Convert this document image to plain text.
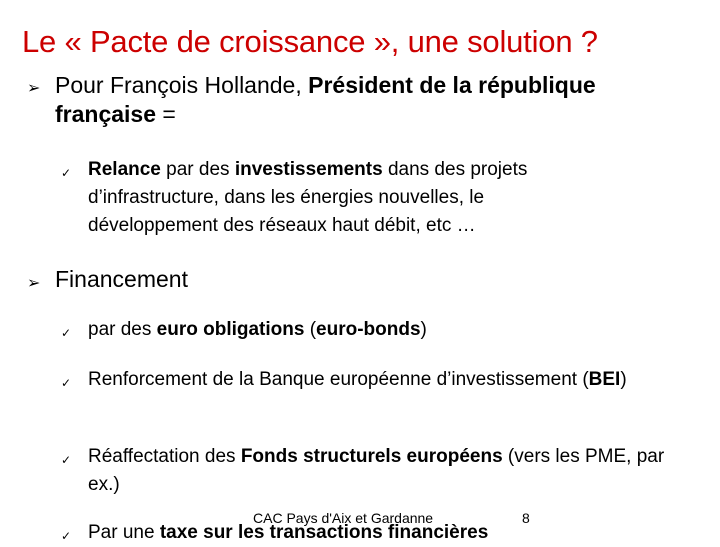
Le « Pacte de croissance », une solution ?
➢ Pour François Hollande, Président de la république française =
✓ Relance par des investissements dans des projets d’infrastructure, dans les énergies nouvelles, le développement des réseaux haut débit, etc …
➢ Financement
✓ par des euro obligations (euro-bonds)
✓ Renforcement de la Banque européenne d’investissement (BEI)
✓ Réaffectation des Fonds structurels européens (vers les PME, par ex.)
✓ Par une taxe sur les transactions financières
CAC Pays d'Aix et Gardanne	8
